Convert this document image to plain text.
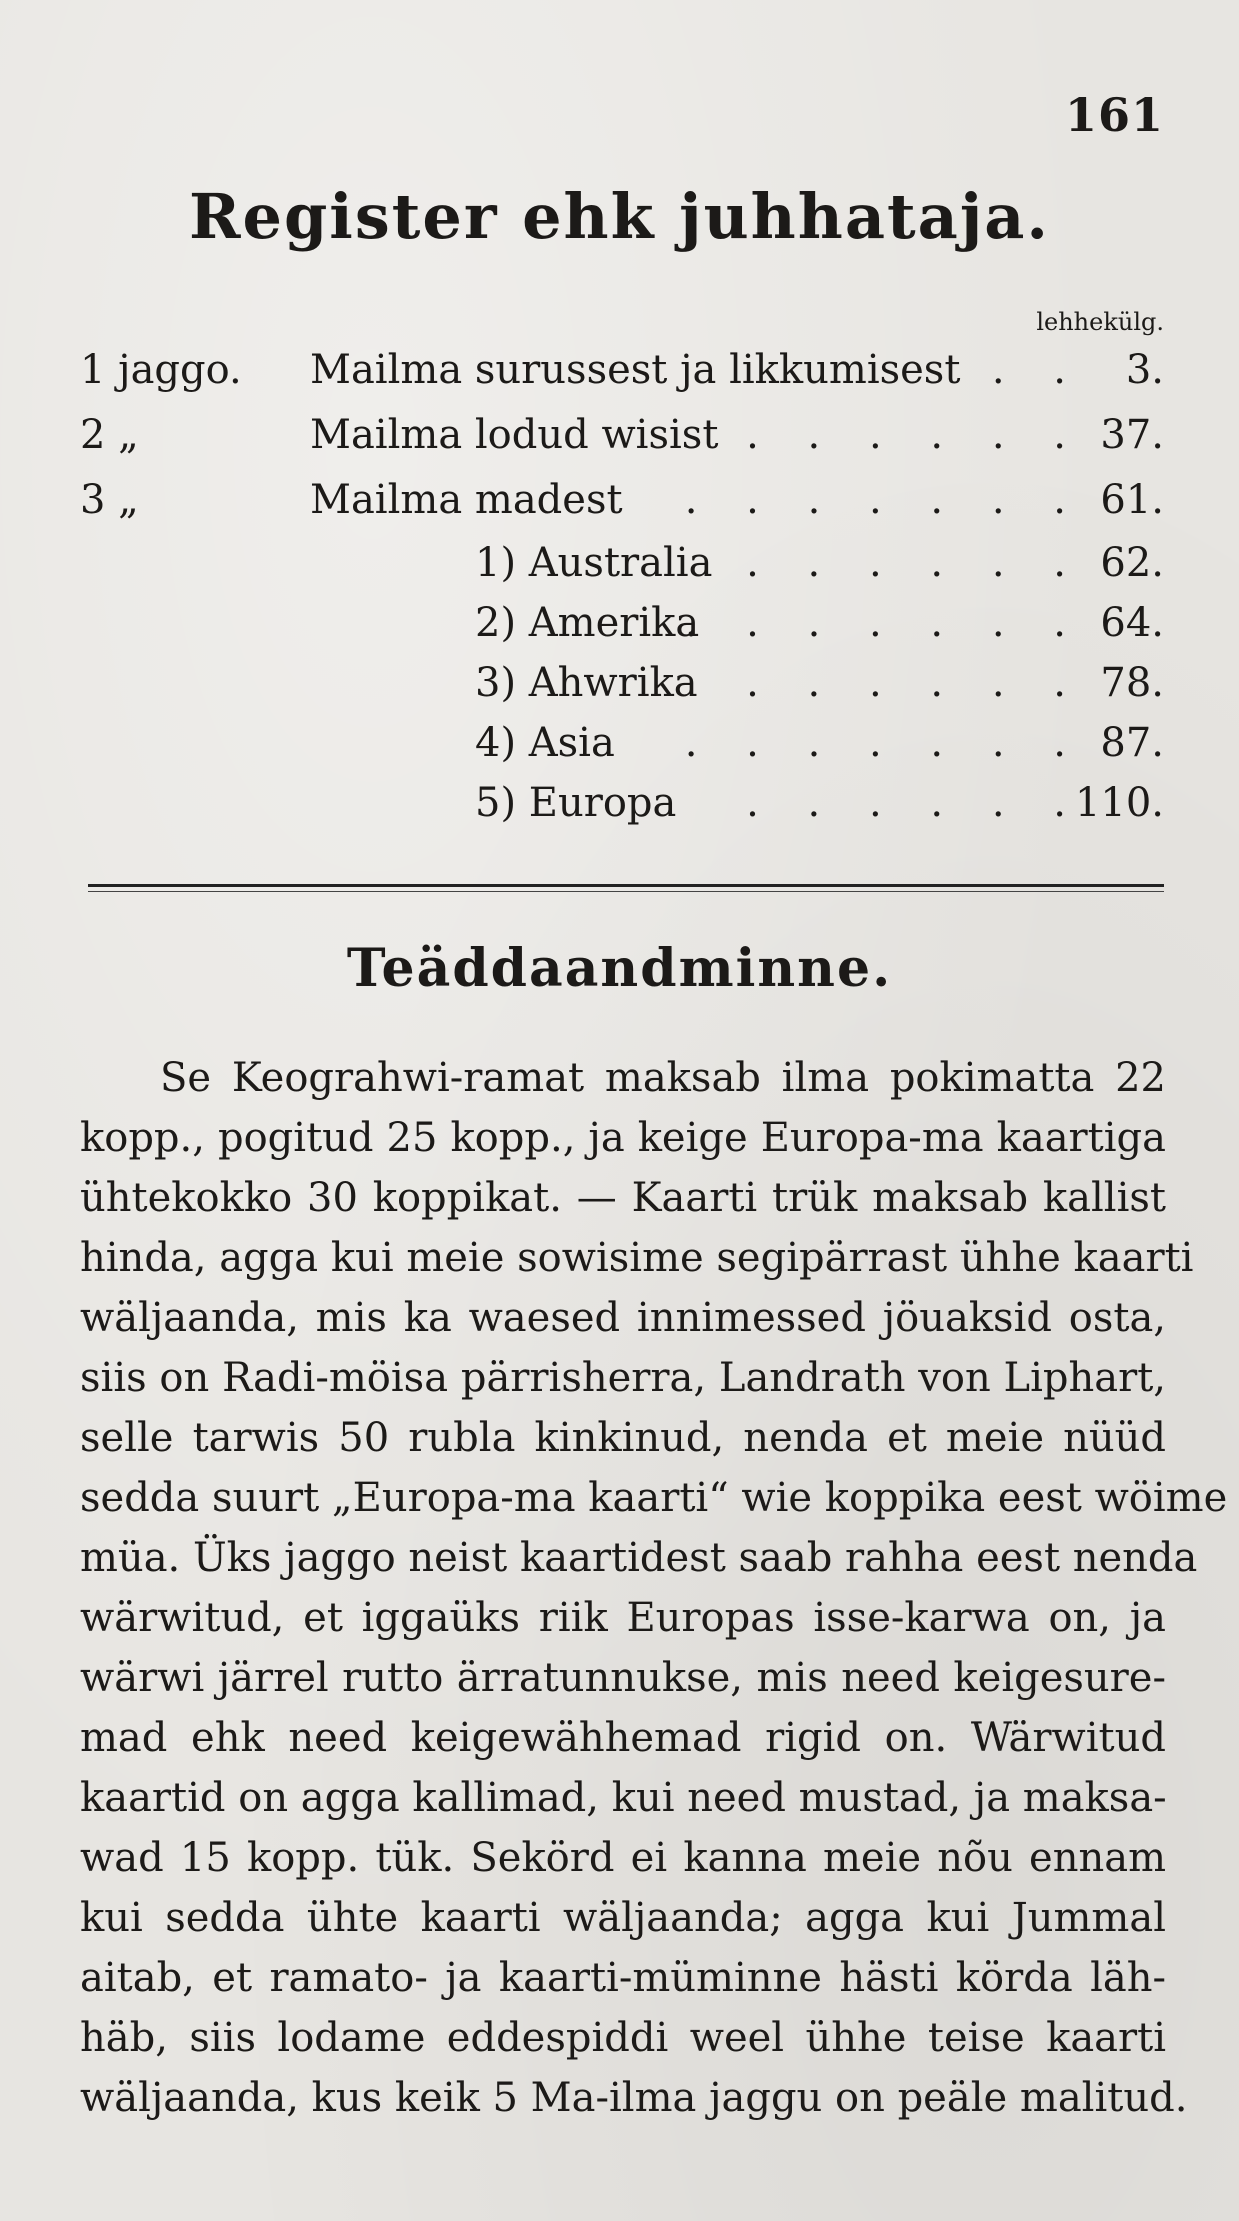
161
Register ehk juhhataja.
lehhekülg.
1 jaggo. Mailma surussest ja likkumisest . . 3.
2 „	Mailma lodud wisist . . . . . . 37.
3 „	Mailma madest . . . . . . . 61.
1) Australia . . . . . . 62.
2) Amerika
. . . . . . . 64.
3) Ahwrika . . . . . . 78.
4) Asia . . . . . . . 87.
5) Europa . . . . . .
110.
Teäddaandminne.
Se Keograhwi-ramat maksab ilma pokimatta 22
kopp., pogitud 25 kopp., ja keige Europa-ma kaartiga
ühtekokko 30 koppikat. — Kaarti trük maksab kallist
hinda, agga kui meie sowisime segipärrast ühhe kaarti
wäljaanda, mis ka waesed innimessed jöuaksid osta,
siis on Radi-möisa pärrisherra, Landrath von Liphart,
selle tarwis 50 rubla kinkinud, nenda et meie nüüd
sedda suurt „Europa-ma kaarti“ wie koppika eest wöime
müa. Üks jaggo neist kaartidest saab rahha eest nenda
wärwitud, et iggaüks riik Europas isse-karwa on, ja
wärwi järrel rutto ärratunnukse, mis need keigesure-
mad ehk need keigewähhemad rigid on. Wärwitud
kaartid on agga kallimad, kui need mustad, ja maksa-
wad 15 kopp. tük. Sekörd ei kanna meie nõu ennam
kui sedda ühte kaarti wäljaanda; agga kui Jummal
aitab, et ramato- ja kaarti-müminne hästi körda läh-
häb, siis lodame eddespiddi weel ühhe teise kaarti
wäljaanda, kus keik 5 Ma-ilma jaggu on peäle malitud.
